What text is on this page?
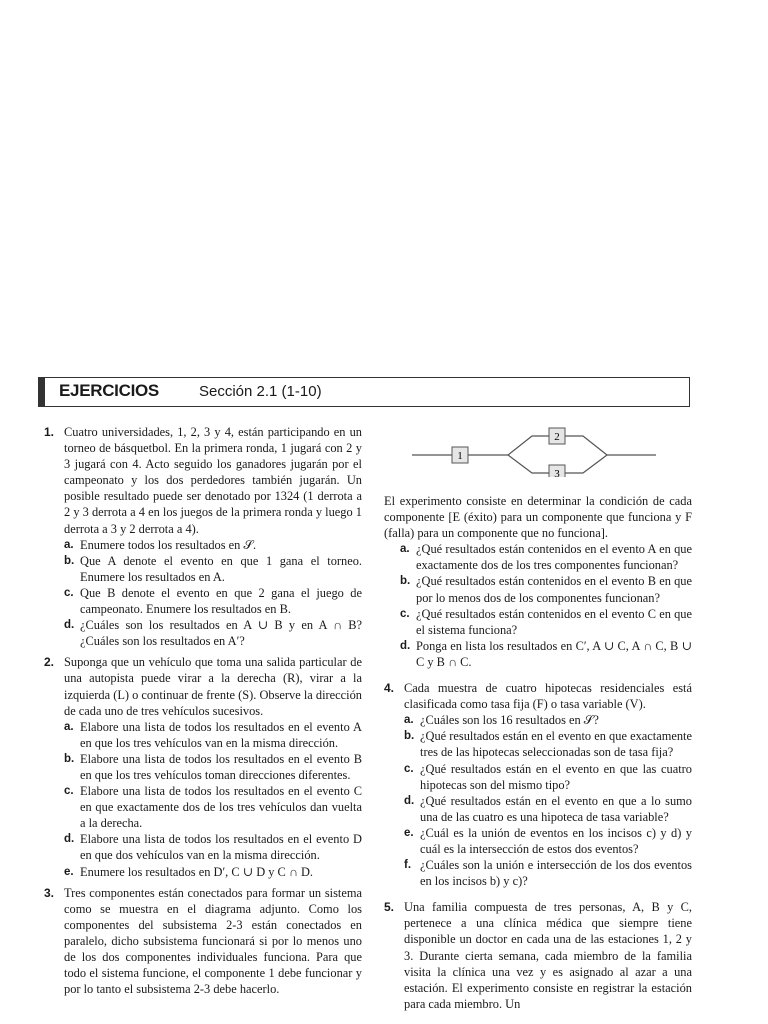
EJERCICIOS	Sección 2.1 (1-10)
1. Cuatro universidades, 1, 2, 3 y 4, están participando en un torneo de básquetbol. En la primera ronda, 1 jugará con 2 y 3 jugará con 4. Acto seguido los ganadores jugarán por el campeonato y los dos perdedores también jugarán. Un posible resultado puede ser denotado por 1324 (1 derrota a 2 y 3 derrota a 4 en los juegos de la primera ronda y luego 1 derrota a 3 y 2 derrota a 4).

a. Enumere todos los resultados en 𝒮.
b. Que A denote el evento en que 1 gana el torneo. Enumere los resultados en A.
c. Que B denote el evento en que 2 gana el juego de campeonato. Enumere los resultados en B.
d. ¿Cuáles son los resultados en A ∪ B y en A ∩ B? ¿Cuáles son los resultados en A′?
2. Suponga que un vehículo que toma una salida particular de una autopista puede virar a la derecha (R), virar a la izquierda (L) o continuar de frente (S). Observe la dirección de cada uno de tres vehículos sucesivos.

a. Elabore una lista de todos los resultados en el evento A en que los tres vehículos van en la misma dirección.
b. Elabore una lista de todos los resultados en el evento B en que los tres vehículos toman direcciones diferentes.
c. Elabore una lista de todos los resultados en el evento C en que exactamente dos de los tres vehículos dan vuelta a la derecha.
d. Elabore una lista de todos los resultados en el evento D en que dos vehículos van en la misma dirección.
e. Enumere los resultados en D′, C ∪ D y C ∩ D.
3. Tres componentes están conectados para formar un sistema como se muestra en el diagrama adjunto. Como los componentes del subsistema 2-3 están conectados en paralelo, dicho subsistema funcionará si por lo menos uno de los dos componentes individuales funciona. Para que todo el sistema funcione, el componente 1 debe funcionar y por lo tanto el subsistema 2-3 debe hacerlo.

1
2
3

El experimento consiste en determinar la condición de cada componente [E (éxito) para un componente que funciona y F (falla) para un componente que no funciona].

a. ¿Qué resultados están contenidos en el evento A en que exactamente dos de los tres componentes funcionan?
b. ¿Qué resultados están contenidos en el evento B en que por lo menos dos de los componentes funcionan?
c. ¿Qué resultados están contenidos en el evento C en que el sistema funciona?
d. Ponga en lista los resultados en C′, A ∪ C, A ∩ C, B ∪ C y B ∩ C.
4. Cada muestra de cuatro hipotecas residenciales está clasificada como tasa fija (F) o tasa variable (V).

a. ¿Cuáles son los 16 resultados en 𝒮?
b. ¿Qué resultados están en el evento en que exactamente tres de las hipotecas seleccionadas son de tasa fija?
c. ¿Qué resultados están en el evento en que las cuatro hipotecas son del mismo tipo?
d. ¿Qué resultados están en el evento en que a lo sumo una de las cuatro es una hipoteca de tasa variable?
e. ¿Cuál es la unión de eventos en los incisos c) y d) y cuál es la intersección de estos dos eventos?
f. ¿Cuáles son la unión e intersección de los dos eventos en los incisos b) y c)?
5. Una familia compuesta de tres personas, A, B y C, pertenece a una clínica médica que siempre tiene disponible un doctor en cada una de las estaciones 1, 2 y 3. Durante cierta semana, cada miembro de la familia visita la clínica una vez y es asignado al azar a una estación. El experimento consiste en registrar la estación para cada miembro. Un
